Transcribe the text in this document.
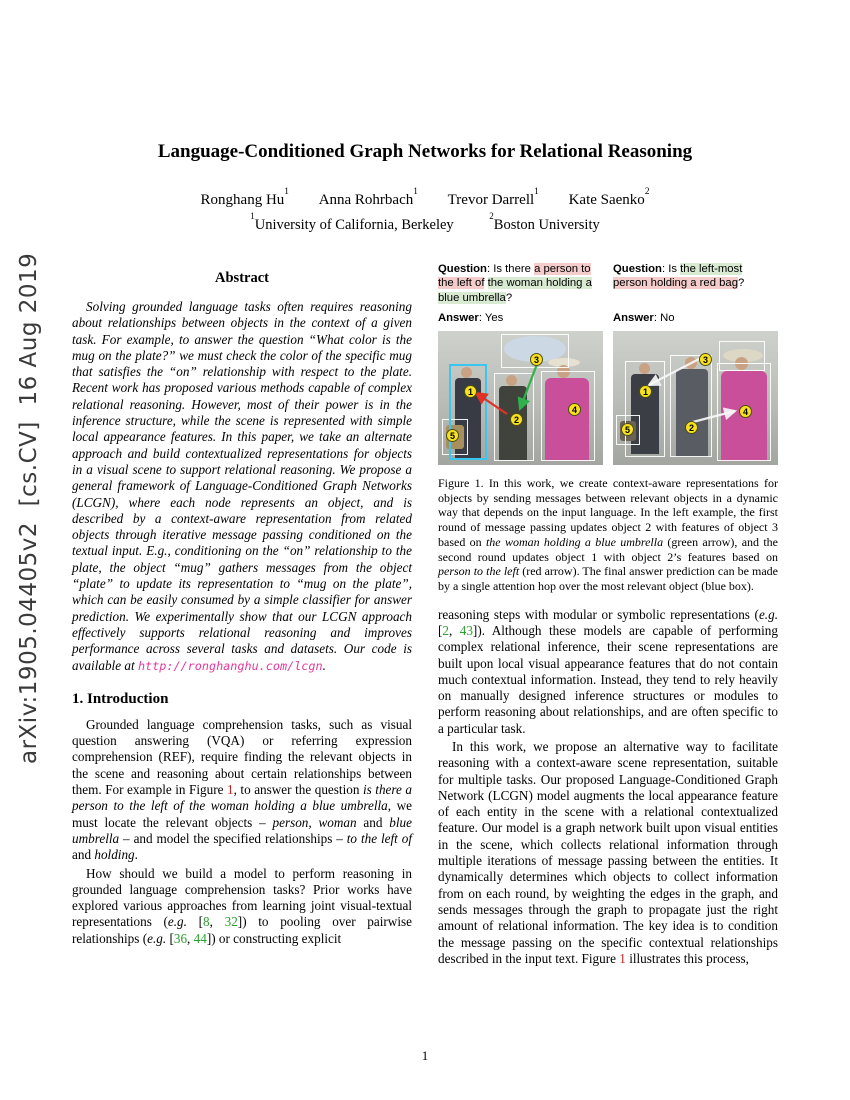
arXiv:1905.04405v2  [cs.CV]  16 Aug 2019
Language-Conditioned Graph Networks for Relational Reasoning
Ronghang Hu$^1$ Anna Rohrbach$^1$ Trevor Darrell$^1$ Kate Saenko$^2$
$^1$University of California, Berkeley $^2$Boston University
Abstract

Solving grounded language tasks often requires reasoning about relationships between objects in the context of a given task. For example, to answer the question “What color is the mug on the plate?” we must check the color of the specific mug that satisfies the “on” relationship with respect to the plate. Recent work has proposed various methods capable of complex relational reasoning. However, most of their power is in the inference structure, while the scene is represented with simple local appearance features. In this paper, we take an alternate approach and build contextualized representations for objects in a visual scene to support relational reasoning. We propose a general framework of Language-Conditioned Graph Networks (LCGN), where each node represents an object, and is described by a context-aware representation from related objects through iterative message passing conditioned on the textual input. E.g., conditioning on the “on” relationship to the plate, the object “mug” gathers messages from the object “plate” to update its representation to “mug on the plate”, which can be easily consumed by a simple classifier for answer prediction. We experimentally show that our LCGN approach effectively supports relational reasoning and improves performance across several tasks and datasets. Our code is available at http://ronghanghu.com/lcgn.

1. Introduction

Grounded language comprehension tasks, such as visual question answering (VQA) or referring expression comprehension (REF), require finding the relevant objects in the scene and reasoning about certain relationships between them. For example in Figure 1, to answer the question is there a person to the left of the woman holding a blue umbrella, we must locate the relevant objects – person, woman and blue umbrella – and model the specified relationships – to the left of and holding.

How should we build a model to perform reasoning in grounded language comprehension tasks? Prior works have explored various approaches from learning joint visual-textual representations (e.g. [8, 32]) to pooling over pairwise relationships (e.g. [36, 44]) or constructing explicit

Question: Is there a person to the left of the woman holding a blue umbrella?
Answer: Yes
1
2
3
4
5
Question: Is the left-most person holding a red bag?
Answer: No
1
2
3
4
5

Figure 1. In this work, we create context-aware representations for objects by sending messages between relevant objects in a dynamic way that depends on the input language. In the left example, the first round of message passing updates object 2 with features of object 3 based on the woman holding a blue umbrella (green arrow), and the second round updates object 1 with object 2’s features based on person to the left (red arrow). The final answer prediction can be made by a single attention hop over the most relevant object (blue box).

reasoning steps with modular or symbolic representations (e.g. [2, 43]). Although these models are capable of performing complex relational inference, their scene representations are built upon local visual appearance features that do not contain much contextual information. Instead, they tend to rely heavily on manually designed inference structures or modules to perform reasoning about relationships, and are often specific to a particular task.

In this work, we propose an alternative way to facilitate reasoning with a context-aware scene representation, suitable for multiple tasks. Our proposed Language-Conditioned Graph Network (LCGN) model augments the local appearance feature of each entity in the scene with a relational contextualized feature. Our model is a graph network built upon visual entities in the scene, which collects relational information through multiple iterations of message passing between the entities. It dynamically determines which objects to collect information from on each round, by weighting the edges in the graph, and sends messages through the graph to propagate just the right amount of relational information. The key idea is to condition the message passing on the specific contextual relationships described in the input text. Figure 1 illustrates this process,

1
